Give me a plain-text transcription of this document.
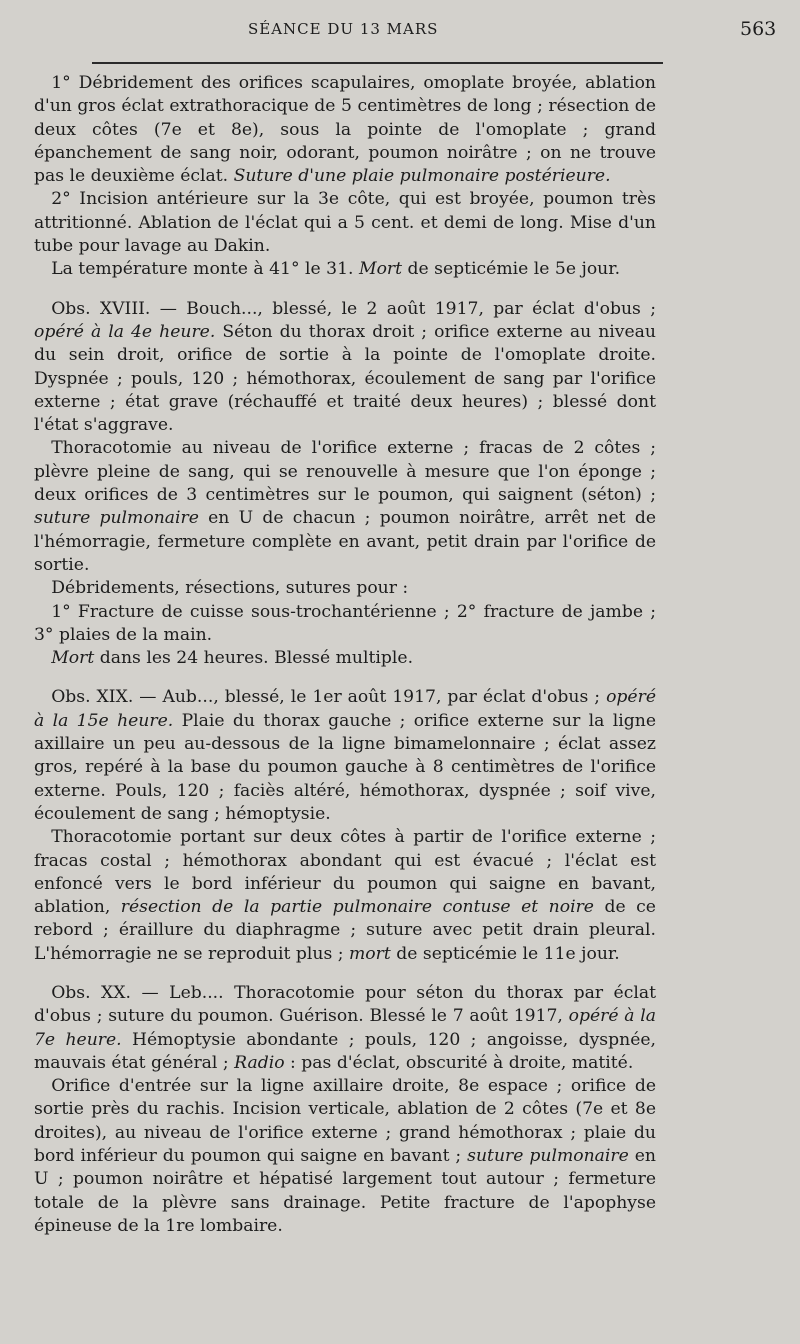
SÉANCE DU 13 MARS	563

1° Débridement des orifices scapulaires, omoplate broyée, ablation d'un gros éclat extrathoracique de 5 centimètres de long ; résection de deux côtes (7e et 8e), sous la pointe de l'omoplate ; grand épanchement de sang noir, odorant, poumon noirâtre ; on ne trouve pas le deuxième éclat. Suture d'une plaie pulmonaire postérieure.

2° Incision antérieure sur la 3e côte, qui est broyée, poumon très attritionné. Ablation de l'éclat qui a 5 cent. et demi de long. Mise d'un tube pour lavage au Dakin.

La température monte à 41° le 31. Mort de septicémie le 5e jour.

Obs. XVIII. — Bouch..., blessé, le 2 août 1917, par éclat d'obus ; opéré à la 4e heure. Séton du thorax droit ; orifice externe au niveau du sein droit, orifice de sortie à la pointe de l'omoplate droite. Dyspnée ; pouls, 120 ; hémothorax, écoulement de sang par l'orifice externe ; état grave (réchauffé et traité deux heures) ; blessé dont l'état s'aggrave.

Thoracotomie au niveau de l'orifice externe ; fracas de 2 côtes ; plèvre pleine de sang, qui se renouvelle à mesure que l'on éponge ; deux orifices de 3 centimètres sur le poumon, qui saignent (séton) ; suture pulmonaire en U de chacun ; poumon noirâtre, arrêt net de l'hémorragie, fermeture complète en avant, petit drain par l'orifice de sortie.

Débridements, résections, sutures pour :

1° Fracture de cuisse sous-trochantérienne ; 2° fracture de jambe ; 3° plaies de la main.

Mort dans les 24 heures. Blessé multiple.

Obs. XIX. — Aub..., blessé, le 1er août 1917, par éclat d'obus ; opéré à la 15e heure. Plaie du thorax gauche ; orifice externe sur la ligne axillaire un peu au-dessous de la ligne bimamelonnaire ; éclat assez gros, repéré à la base du poumon gauche à 8 centimètres de l'orifice externe. Pouls, 120 ; faciès altéré, hémothorax, dyspnée ; soif vive, écoulement de sang ; hémoptysie.

Thoracotomie portant sur deux côtes à partir de l'orifice externe ; fracas costal ; hémothorax abondant qui est évacué ; l'éclat est enfoncé vers le bord inférieur du poumon qui saigne en bavant, ablation, résection de la partie pulmonaire contuse et noire de ce rebord ; éraillure du diaphragme ; suture avec petit drain pleural. L'hémorragie ne se reproduit plus ; mort de septicémie le 11e jour.

Obs. XX. — Leb.... Thoracotomie pour séton du thorax par éclat d'obus ; suture du poumon. Guérison. Blessé le 7 août 1917, opéré à la 7e heure. Hémoptysie abondante ; pouls, 120 ; angoisse, dyspnée, mauvais état général ; Radio : pas d'éclat, obscurité à droite, matité.

Orifice d'entrée sur la ligne axillaire droite, 8e espace ; orifice de sortie près du rachis. Incision verticale, ablation de 2 côtes (7e et 8e droites), au niveau de l'orifice externe ; grand hémothorax ; plaie du bord inférieur du poumon qui saigne en bavant ; suture pulmonaire en U ; poumon noirâtre et hépatisé largement tout autour ; fermeture totale de la plèvre sans drainage. Petite fracture de l'apophyse épineuse de la 1re lombaire.
